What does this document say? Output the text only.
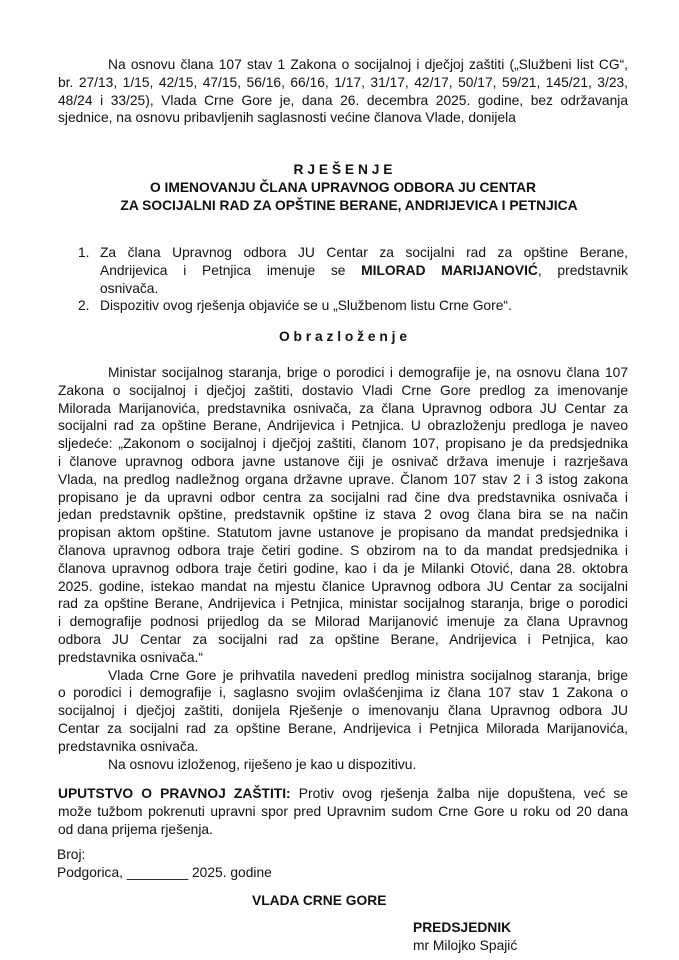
Na osnovu člana 107 stav 1 Zakona o socijalnoj i dječjoj zaštiti („Službeni list CG“,
br. 27/13, 1/15, 42/15, 47/15, 56/16, 66/16, 1/17, 31/17, 42/17, 50/17, 59/21, 145/21, 3/23,
48/24 i 33/25), Vlada Crne Gore je, dana 26. decembra 2025. godine, bez održavanja
sjednice, na osnovu pribavljenih saglasnosti većine članova Vlade, donijela
R J E Š E N J E
O IMENOVANJU ČLANA UPRAVNOG ODBORA JU CENTAR
ZA SOCIJALNI RAD ZA OPŠTINE BERANE, ANDRIJEVICA I PETNJICA
1. Za člana Upravnog odbora JU Centar za socijalni rad za opštine Berane,
Andrijevica i Petnjica imenuje se MILORAD MARIJANOVIĆ, predstavnik
osnivača.
2. Dispozitiv ovog rješenja objaviće se u „Službenom listu Crne Gore“.
O b r a z l o ž e n j e
Ministar socijalnog staranja, brige o porodici i demografije je, na osnovu člana 107
Zakona o socijalnoj i dječjoj zaštiti, dostavio Vladi Crne Gore predlog za imenovanje
Milorada Marijanovića, predstavnika osnivača, za člana Upravnog odbora JU Centar za
socijalni rad za opštine Berane, Andrijevica i Petnjica. U obrazloženju predloga je naveo
sljedeće: „Zakonom o socijalnoj i dječjoj zaštiti, članom 107, propisano je da predsjednika
i članove upravnog odbora javne ustanove čiji je osnivač država imenuje i razrješava
Vlada, na predlog nadležnog organa državne uprave. Članom 107 stav 2 i 3 istog zakona
propisano je da upravni odbor centra za socijalni rad čine dva predstavnika osnivača i
jedan predstavnik opštine, predstavnik opštine iz stava 2 ovog člana bira se na način
propisan aktom opštine. Statutom javne ustanove je propisano da mandat predsjednika i
članova upravnog odbora traje četiri godine. S obzirom na to da mandat predsjednika i
članova upravnog odbora traje četiri godine, kao i da je Milanki Otović, dana 28. oktobra
2025. godine, istekao mandat na mjestu članice Upravnog odbora JU Centar za socijalni
rad za opštine Berane, Andrijevica i Petnjica, ministar socijalnog staranja, brige o porodici
i demografije podnosi prijedlog da se Milorad Marijanović imenuje za člana Upravnog
odbora JU Centar za socijalni rad za opštine Berane, Andrijevica i Petnjica, kao
predstavnika osnivača.“
Vlada Crne Gore je prihvatila navedeni predlog ministra socijalnog staranja, brige
o porodici i demografije i, saglasno svojim ovlašćenjima iz člana 107 stav 1 Zakona o
socijalnoj i dječjoj zaštiti, donijela Rješenje o imenovanju člana Upravnog odbora JU
Centar za socijalni rad za opštine Berane, Andrijevica i Petnjica Milorada Marijanovića,
predstavnika osnivača.
Na osnovu izloženog, riješeno je kao u dispozitivu.
UPUTSTVO O PRAVNOJ ZAŠTITI: Protiv ovog rješenja žalba nije dopuštena, već se
može tužbom pokrenuti upravni spor pred Upravnim sudom Crne Gore u roku od 20 dana
od dana prijema rješenja.
Broj:
Podgorica, ________ 2025. godine
VLADA CRNE GORE
PREDSJEDNIK
mr Milojko Spajić
